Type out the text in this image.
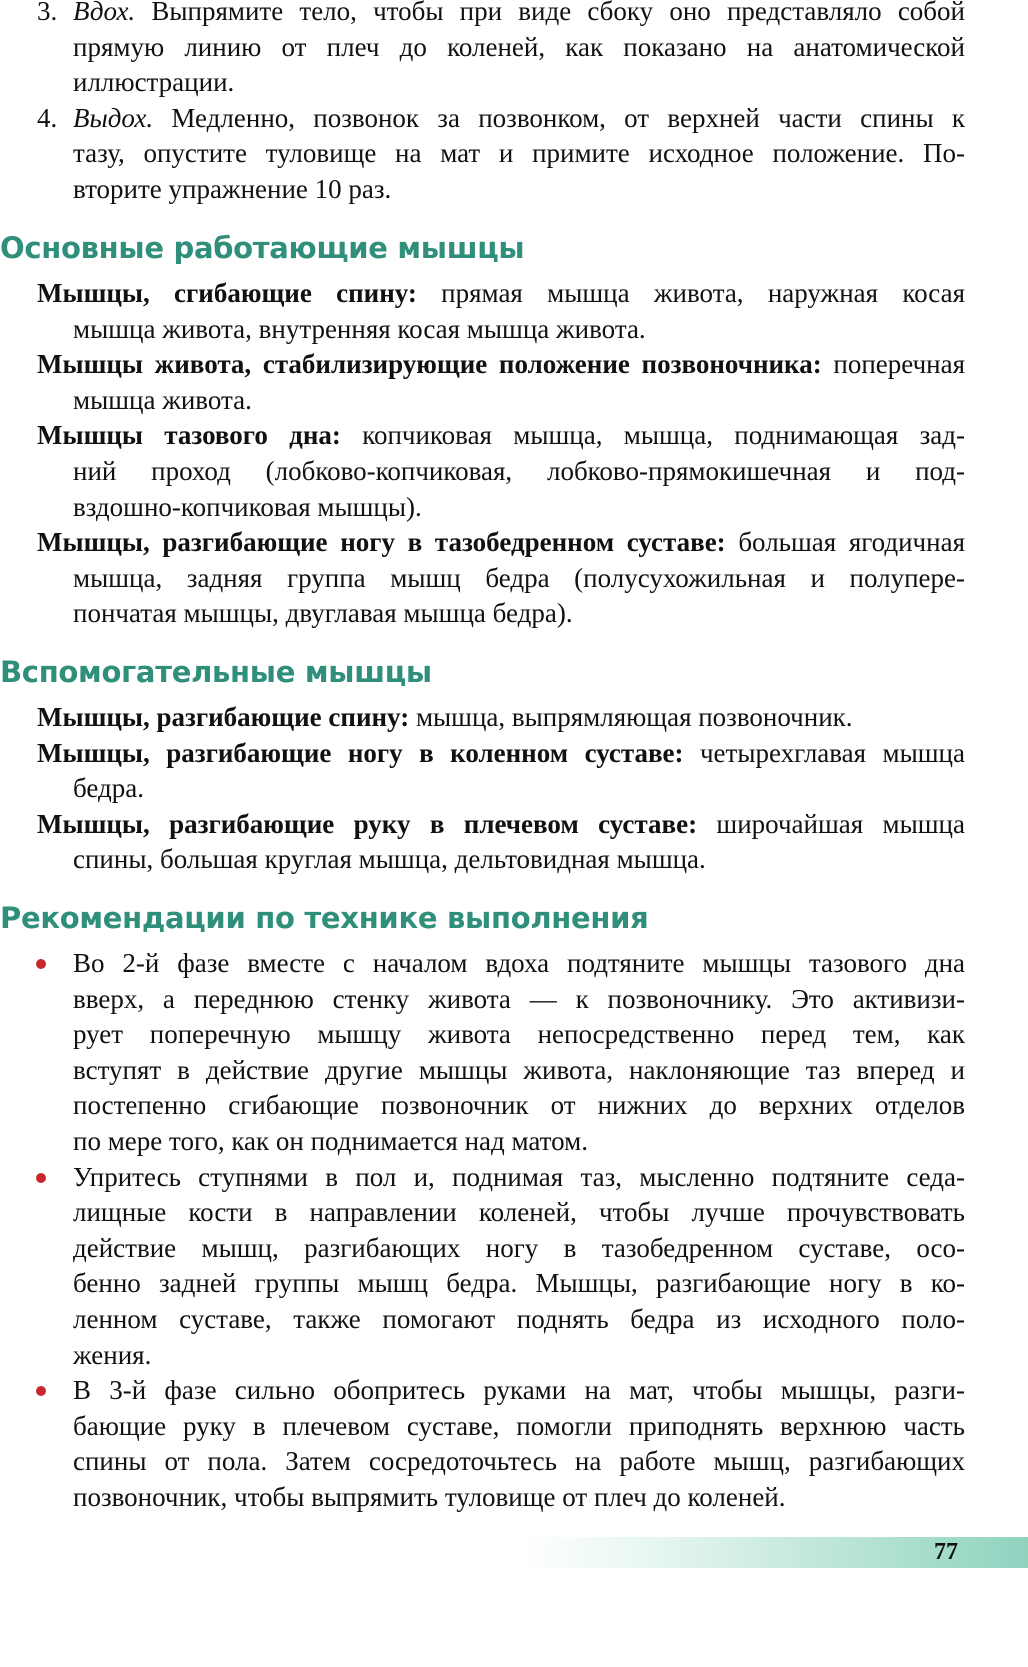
3. Вдох. Выпрямите тело, чтобы при виде сбоку оно представляло собой
прямую линию от плеч до коленей, как показано на анатомической
иллюстрации.
4. Выдох. Медленно, позвонок за позвонком, от верхней части спины к
тазу, опустите туловище на мат и примите исходное положение. По-
вторите упражнение 10 раз.
Основные работающие мышцы
Мышцы, сгибающие спину: прямая мышца живота, наружная косая
мышца живота, внутренняя косая мышца живота.
Мышцы живота, стабилизирующие положение позвоночника: поперечная
мышца живота.
Мышцы тазового дна: копчиковая мышца, мышца, поднимающая зад-
ний проход (лобково-копчиковая, лобково-прямокишечная и под-
вздошно-копчиковая мышцы).
Мышцы, разгибающие ногу в тазобедренном суставе: большая ягодичная
мышца, задняя группа мышц бедра (полусухожильная и полупере-
пончатая мышцы, двуглавая мышца бедра).
Вспомогательные мышцы
Мышцы, разгибающие спину: мышца, выпрямляющая позвоночник.
Мышцы, разгибающие ногу в коленном суставе: четырехглавая мышца
бедра.
Мышцы, разгибающие руку в плечевом суставе: широчайшая мышца
спины, большая круглая мышца, дельтовидная мышца.
Рекомендации по технике выполнения
Во 2-й фазе вместе с началом вдоха подтяните мышцы тазового дна
вверх, а переднюю стенку живота — к позвоночнику. Это активизи-
рует поперечную мышцу живота непосредственно перед тем, как
вступят в действие другие мышцы живота, наклоняющие таз вперед и
постепенно сгибающие позвоночник от нижних до верхних отделов
по мере того, как он поднимается над матом.
Упритесь ступнями в пол и, поднимая таз, мысленно подтяните седа-
лищные кости в направлении коленей, чтобы лучше прочувствовать
действие мышц, разгибающих ногу в тазобедренном суставе, осо-
бенно задней группы мышц бедра. Мышцы, разгибающие ногу в ко-
ленном суставе, также помогают поднять бедра из исходного поло-
жения.
В 3-й фазе сильно обопритесь руками на мат, чтобы мышцы, разги-
бающие руку в плечевом суставе, помогли приподнять верхнюю часть
спины от пола. Затем сосредоточьтесь на работе мышц, разгибающих
позвоночник, чтобы выпрямить туловище от плеч до коленей.
77
